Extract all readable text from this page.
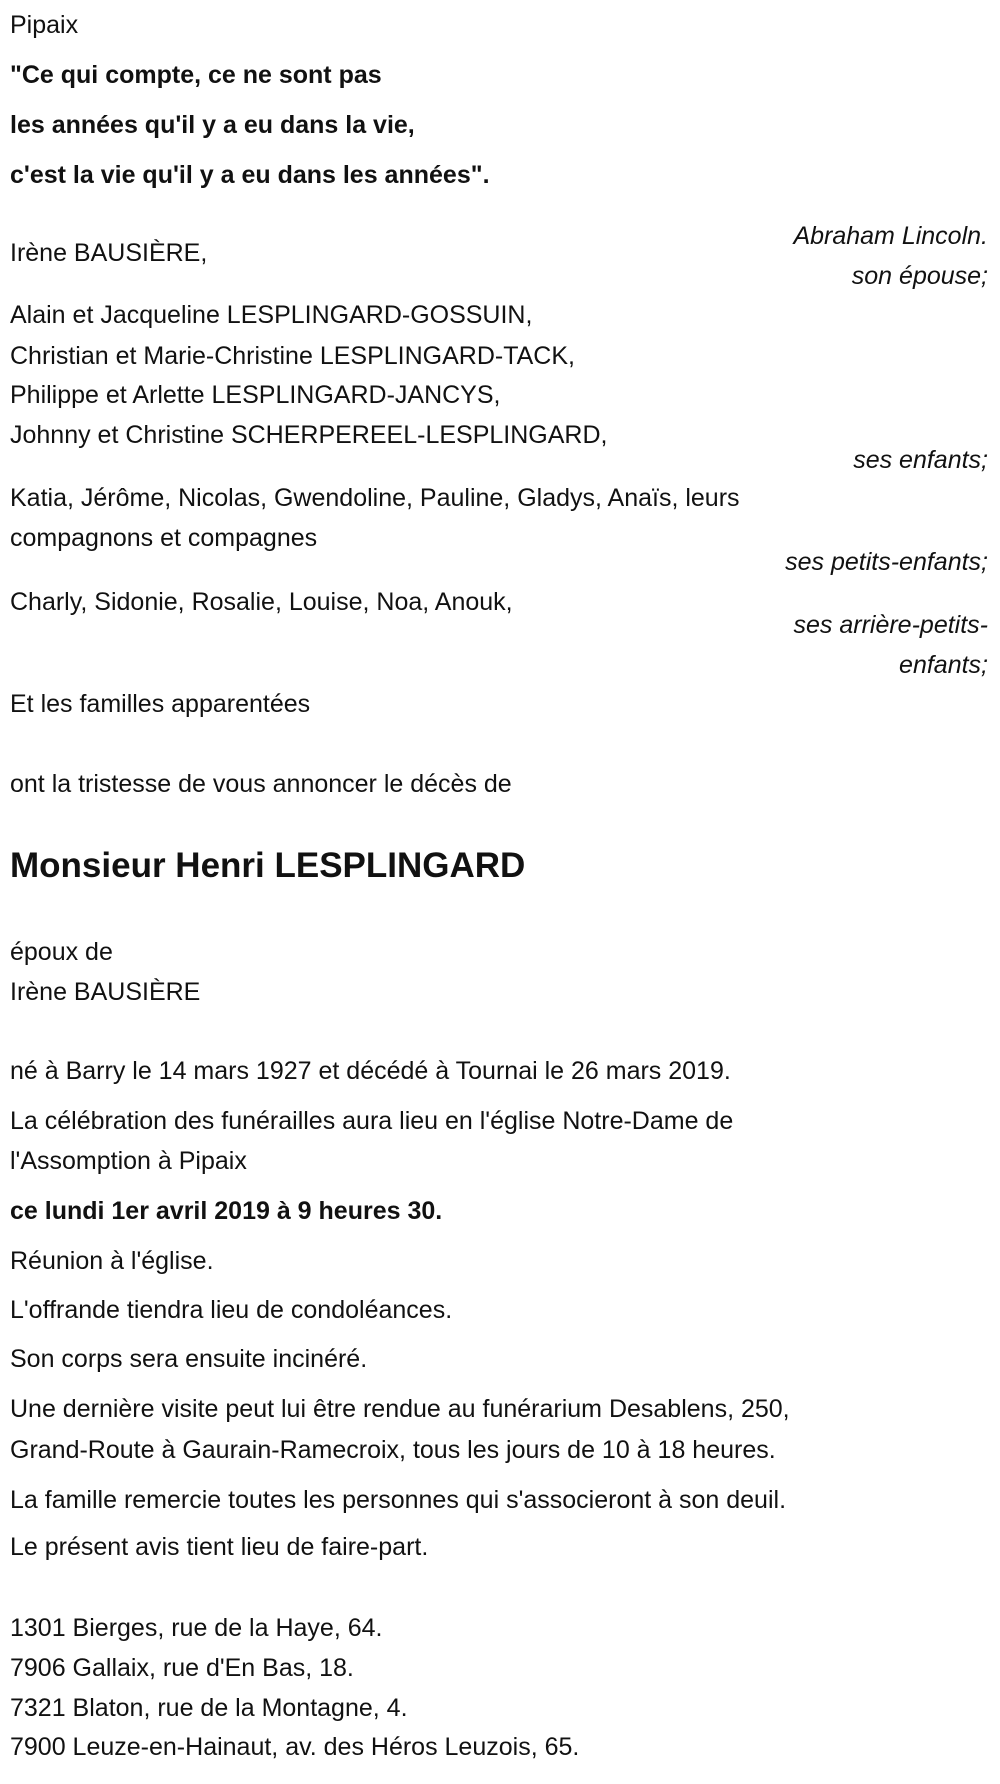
Pipaix
"Ce qui compte, ce ne sont pas
les années qu'il y a eu dans la vie,
c'est la vie qu'il y a eu dans les années".
Abraham Lincoln.
Irène BAUSIÈRE,
son épouse;
Alain et Jacqueline LESPLINGARD-GOSSUIN,
Christian et Marie-Christine LESPLINGARD-TACK,
Philippe et Arlette LESPLINGARD-JANCYS,
Johnny et Christine SCHERPEREEL-LESPLINGARD,
ses enfants;
Katia, Jérôme, Nicolas, Gwendoline, Pauline, Gladys, Anaïs, leurs
compagnons et compagnes
ses petits-enfants;
Charly, Sidonie, Rosalie, Louise, Noa, Anouk,
ses arrière-petits-
enfants;
Et les familles apparentées
ont la tristesse de vous annoncer le décès de
Monsieur Henri LESPLINGARD
époux de
Irène BAUSIÈRE
né à Barry le 14 mars 1927 et décédé à Tournai le 26 mars 2019.
La célébration des funérailles aura lieu en l'église Notre-Dame de
l'Assomption à Pipaix
ce lundi 1er avril 2019 à 9 heures 30.
Réunion à l'église.
L'offrande tiendra lieu de condoléances.
Son corps sera ensuite incinéré.
Une dernière visite peut lui être rendue au funérarium Desablens, 250,
Grand-Route à Gaurain-Ramecroix, tous les jours de 10 à 18 heures.
La famille remercie toutes les personnes qui s'associeront à son deuil.
Le présent avis tient lieu de faire-part.
1301 Bierges, rue de la Haye, 64.
7906 Gallaix, rue d'En Bas, 18.
7321 Blaton, rue de la Montagne, 4.
7900 Leuze-en-Hainaut, av. des Héros Leuzois, 65.
